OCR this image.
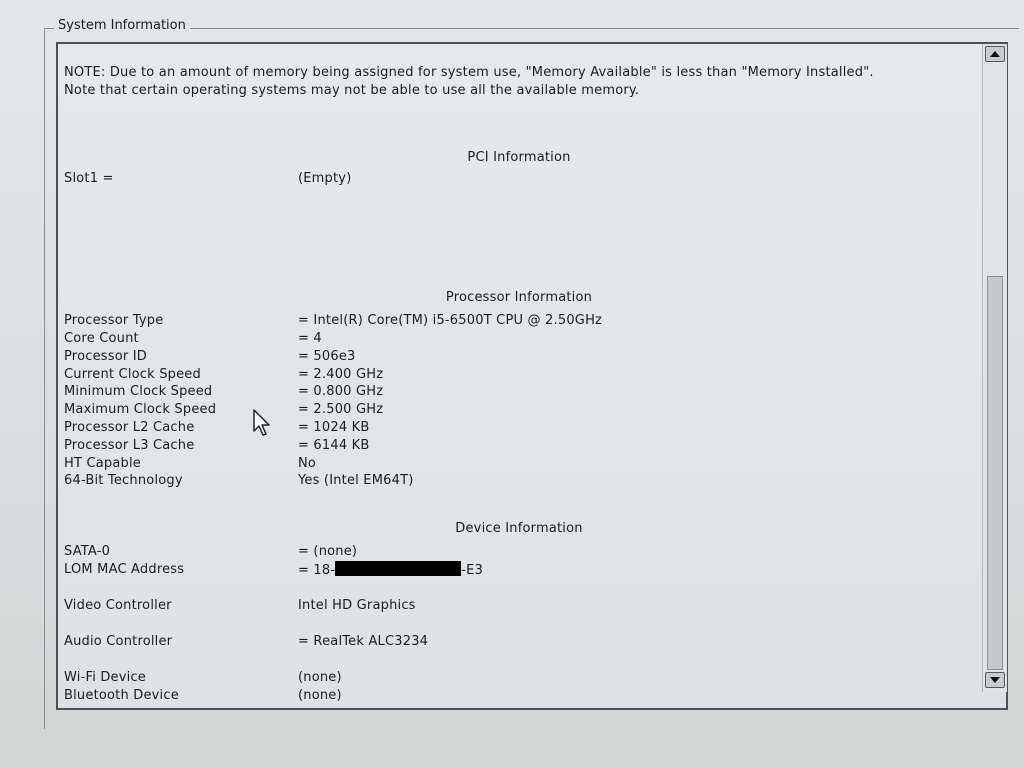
System Information
NOTE: Due to an amount of memory being assigned for system use, "Memory Available" is less than "Memory Installed". Note that certain operating systems may not be able to use all the available memory.
PCI Information
Slot1 =	(Empty)
Processor Information
Processor Type	= Intel(R) Core(TM) i5-6500T CPU @ 2.50GHz
Core Count	= 4
Processor ID	= 506e3
Current Clock Speed	= 2.400 GHz
Minimum Clock Speed	= 0.800 GHz
Maximum Clock Speed	= 2.500 GHz
Processor L2 Cache	= 1024 KB
Processor L3 Cache	= 6144 KB
HT Capable	No
64-Bit Technology	Yes (Intel EM64T)
Device Information
SATA-0	= (none)
LOM MAC Address	= 18-	-E3
Video Controller	Intel HD Graphics
Audio Controller	= RealTek ALC3234
Wi-Fi Device	(none)
Bluetooth Device	(none)
